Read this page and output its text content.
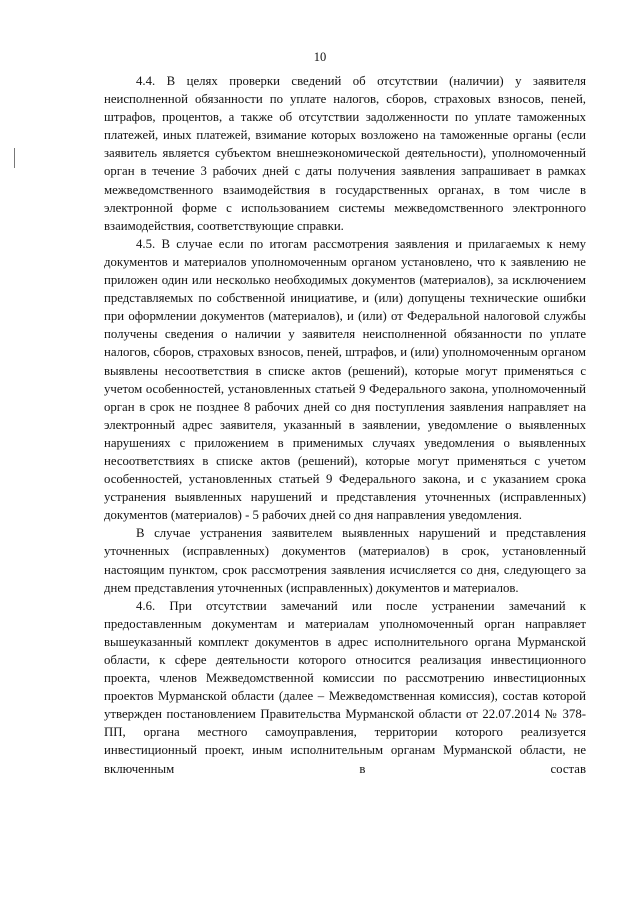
10

4.4. В целях проверки сведений об отсутствии (наличии) у заявителя неисполненной обязанности по уплате налогов, сборов, страховых взносов, пеней, штрафов, процентов, а также об отсутствии задолженности по уплате таможенных платежей, иных платежей, взимание которых возложено на таможенные органы (если заявитель является субъектом внешнеэкономической деятельности), уполномоченный орган в течение 3 рабочих дней с даты получения заявления запрашивает в рамках межведомственного взаимодействия в государственных органах, в том числе в электронной форме с использованием системы межведомственного электронного взаимодействия, соответствующие справки.

4.5. В случае если по итогам рассмотрения заявления и прилагаемых к нему документов и материалов уполномоченным органом установлено, что к заявлению не приложен один или несколько необходимых документов (материалов), за исключением представляемых по собственной инициативе, и (или) допущены технические ошибки при оформлении документов (материалов), и (или) от Федеральной налоговой службы получены сведения о наличии у заявителя неисполненной обязанности по уплате налогов, сборов, страховых взносов, пеней, штрафов, и (или) уполномоченным органом выявлены несоответствия в списке актов (решений), которые могут применяться с учетом особенностей, установленных статьей 9 Федерального закона, уполномоченный орган в срок не позднее 8 рабочих дней со дня поступления заявления направляет на электронный адрес заявителя, указанный в заявлении, уведомление о выявленных нарушениях с приложением в применимых случаях уведомления о выявленных несоответствиях в списке актов (решений), которые могут применяться с учетом особенностей, установленных статьей 9 Федерального закона, и с указанием срока устранения выявленных нарушений и представления уточненных (исправленных) документов (материалов) - 5 рабочих дней со дня направления уведомления.

В случае устранения заявителем выявленных нарушений и представления уточненных (исправленных) документов (материалов) в срок, установленный настоящим пунктом, срок рассмотрения заявления исчисляется со дня, следующего за днем представления уточненных (исправленных) документов и материалов.

4.6. При отсутствии замечаний или после устранении замечаний к предоставленным документам и материалам уполномоченный орган направляет вышеуказанный комплект документов в адрес исполнительного органа Мурманской области, к сфере деятельности которого относится реализация инвестиционного проекта, членов Межведомственной комиссии по рассмотрению инвестиционных проектов Мурманской области (далее – Межведомственная комиссия), состав которой утвержден постановлением Правительства Мурманской области от 22.07.2014 № 378-ПП, органа местного самоуправления, территории которого реализуется инвестиционный проект, иным исполнительным органам Мурманской области, не включенным в состав
